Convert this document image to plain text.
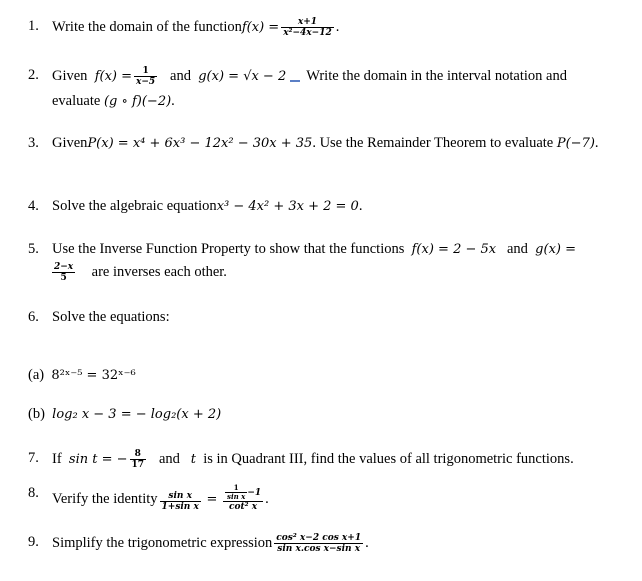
1. Write the domain of the functionf(x) = $\frac{x+1}{\text{x²−4x−12}}$ .
2. Given $f(x) = \frac{1}{x-5}$ and g(x) = √x − 2 Write the domain in the interval notation and
evaluate (g ∘ f)(−2).
3. GivenP(x) = x⁴ + 6x³ − 12x² − 30x + 35. Use the Remainder Theorem to evaluate P(−7).
4. Solve the algebraic equationx³ − 4x² + 3x + 2 = 0.
5. Use the Inverse Function Property to show that the functions f(x) = 2 − 5x and g(x) =
$\frac{2-x}{5}$ are inverses each other.
6. Solve the equations:
(a) 8²ˣ⁻⁵ = 32ˣ⁻⁶
(b) log₂ x − 3 = − log₂(x + 2)
7. If sin t = − $\frac{8}{17}$ and t is in Quadrant III, find the values of all trigonometric functions.
8. Verify the identity $\frac{\text{sin x}}{\text{1+sin x}} = \frac{\frac{1}{\text{sin x}} -1}{\text{cot² x}}$ .
9. Simplify the trigonometric expression $\frac{\text{cos² x−2 cos x+1}}{\text{sin x.cos x−sin x}}$ .
